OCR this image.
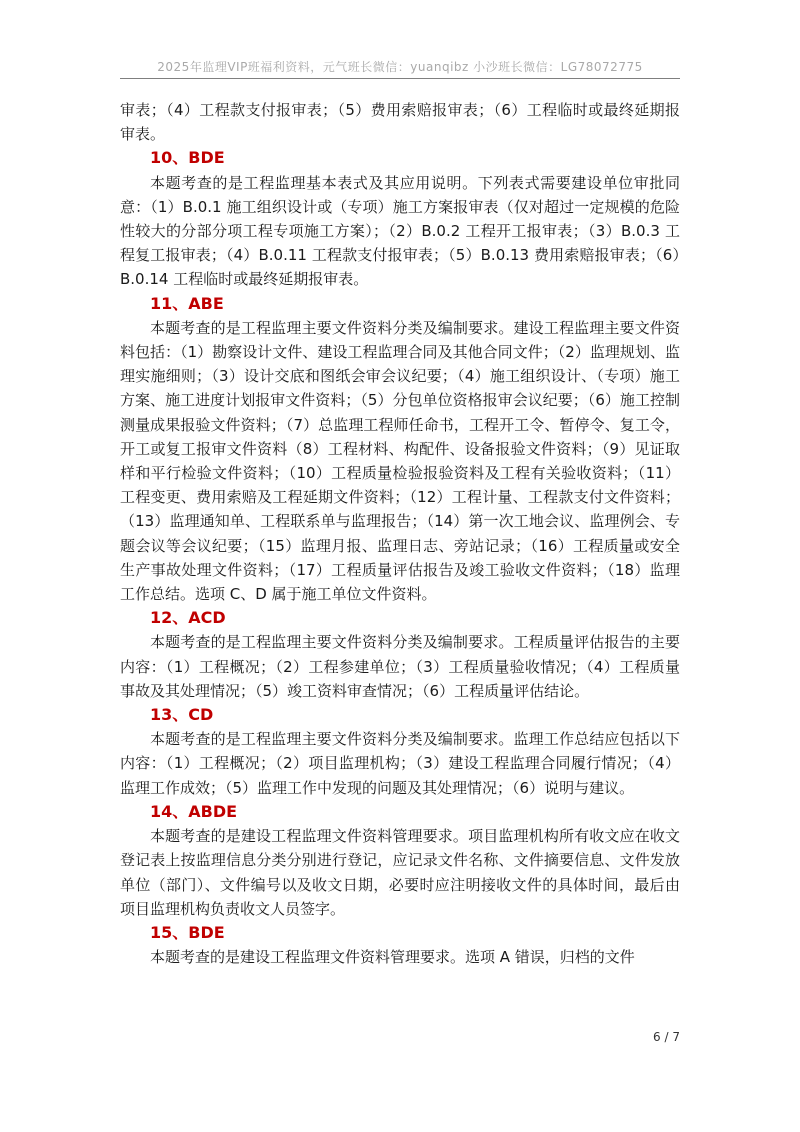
2025年监理VIP班福利资料，元气班长微信：yuanqibz 小沙班长微信：LG78072775

审表；（4）工程款支付报审表；（5）费用索赔报审表；（6）工程临时或最终延期报审表。

10、BDE

本题考查的是工程监理基本表式及其应用说明。下列表式需要建设单位审批同意：（1）B.0.1 施工组织设计或（专项）施工方案报审表（仅对超过一定规模的危险性较大的分部分项工程专项施工方案）；（2）B.0.2 工程开工报审表；（3）B.0.3 工程复工报审表；（4）B.0.11 工程款支付报审表；（5）B.0.13 费用索赔报审表；（6）B.0.14 工程临时或最终延期报审表。

11、ABE

本题考查的是工程监理主要文件资料分类及编制要求。建设工程监理主要文件资料包括：（1）勘察设计文件、建设工程监理合同及其他合同文件；（2）监理规划、监理实施细则；（3）设计交底和图纸会审会议纪要；（4）施工组织设计、（专项）施工方案、施工进度计划报审文件资料；（5）分包单位资格报审会议纪要；（6）施工控制测量成果报验文件资料；（7）总监理工程师任命书，工程开工令、暂停令、复工令，开工或复工报审文件资料（8）工程材料、构配件、设备报验文件资料；（9）见证取样和平行检验文件资料；（10）工程质量检验报验资料及工程有关验收资料；（11）工程变更、费用索赔及工程延期文件资料；（12）工程计量、工程款支付文件资料；（13）监理通知单、工程联系单与监理报告；（14）第一次工地会议、监理例会、专题会议等会议纪要；（15）监理月报、监理日志、旁站记录；（16）工程质量或安全生产事故处理文件资料；（17）工程质量评估报告及竣工验收文件资料；（18）监理工作总结。选项 C、D 属于施工单位文件资料。

12、ACD

本题考查的是工程监理主要文件资料分类及编制要求。工程质量评估报告的主要内容：（1）工程概况；（2）工程参建单位；（3）工程质量验收情况；（4）工程质量事故及其处理情况；（5）竣工资料审查情况；（6）工程质量评估结论。

13、CD

本题考查的是工程监理主要文件资料分类及编制要求。监理工作总结应包括以下内容：（1）工程概况；（2）项目监理机构；（3）建设工程监理合同履行情况；（4）监理工作成效；（5）监理工作中发现的问题及其处理情况；（6）说明与建议。

14、ABDE

本题考查的是建设工程监理文件资料管理要求。项目监理机构所有收文应在收文登记表上按监理信息分类分别进行登记，应记录文件名称、文件摘要信息、文件发放单位（部门）、文件编号以及收文日期，必要时应注明接收文件的具体时间，最后由项目监理机构负责收文人员签字。

15、BDE

本题考查的是建设工程监理文件资料管理要求。选项 A 错误，归档的文件

6 / 7
